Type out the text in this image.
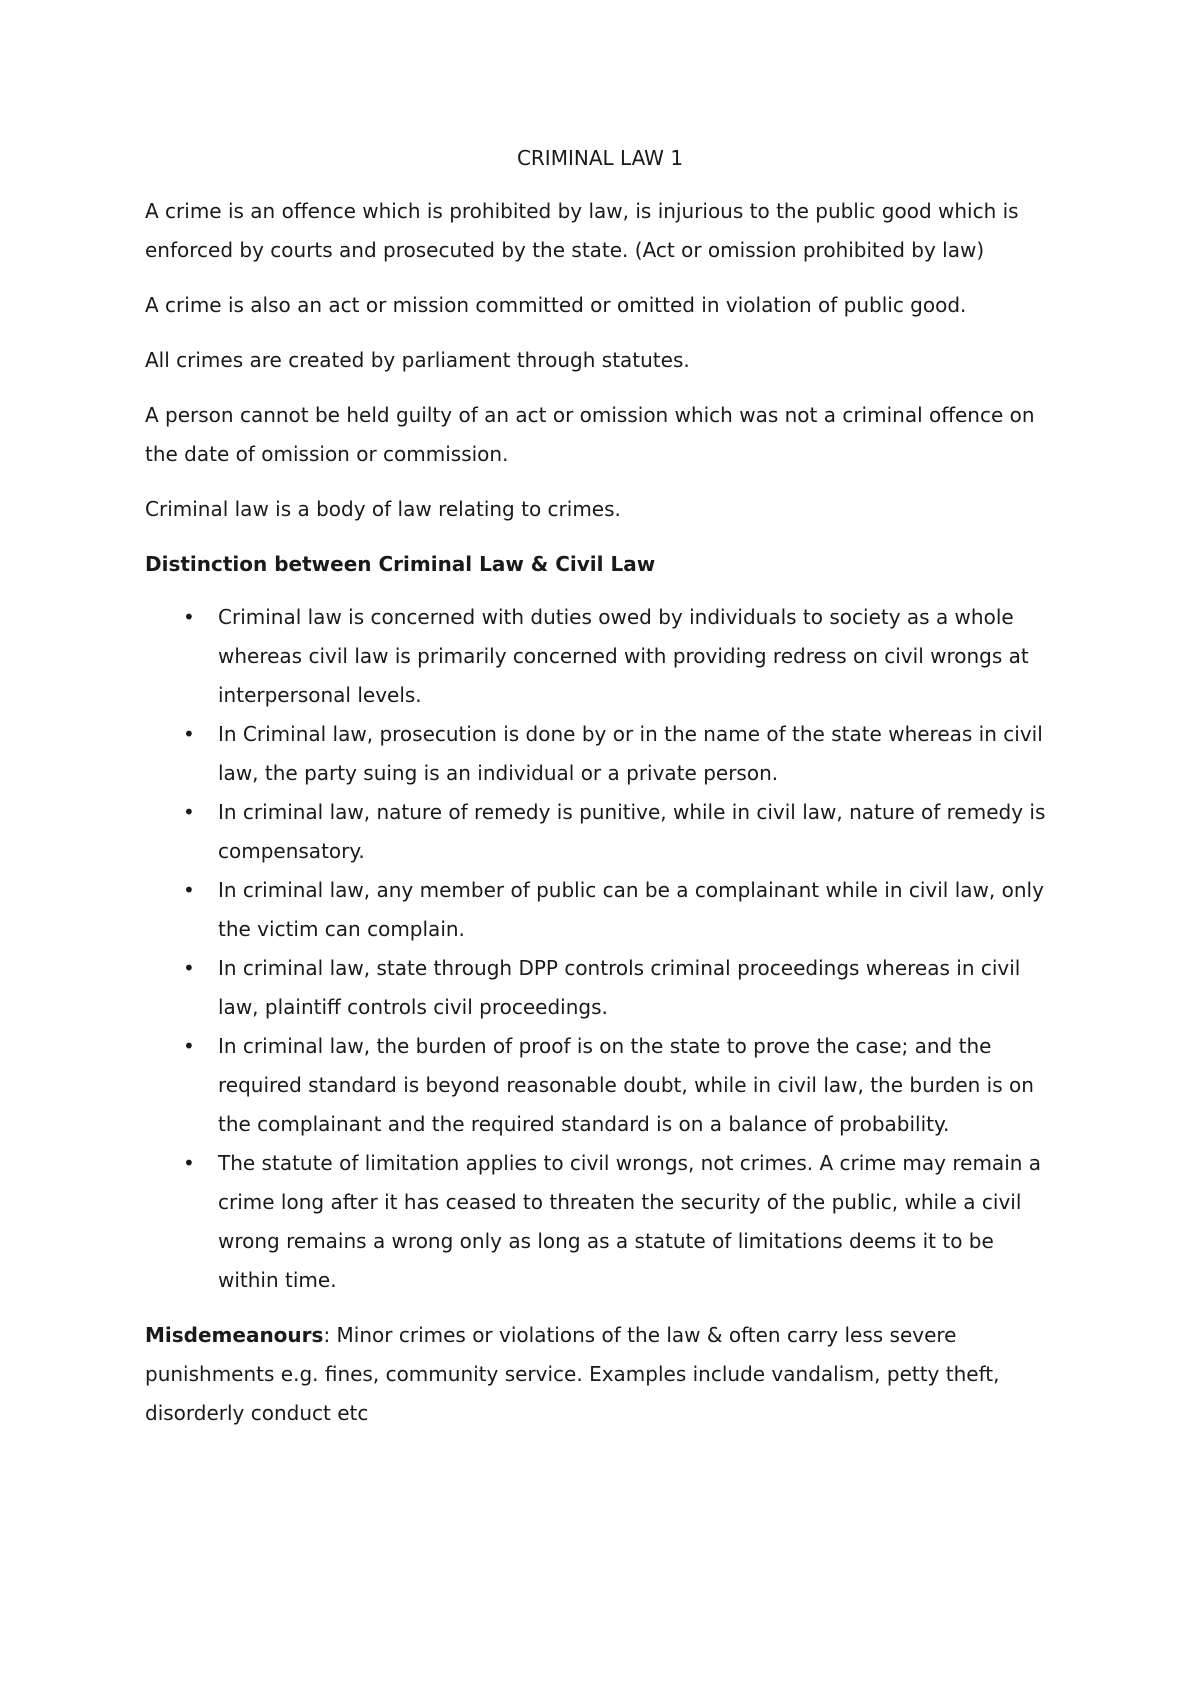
CRIMINAL LAW 1

A crime is an offence which is prohibited by law, is injurious to the public good which is enforced by courts and prosecuted by the state. (Act or omission prohibited by law)

A crime is also an act or mission committed or omitted in violation of public good.

All crimes are created by parliament through statutes.

A person cannot be held guilty of an act or omission which was not a criminal offence on the date of omission or commission.

Criminal law is a body of law relating to crimes.

Distinction between Criminal Law & Civil Law
• Criminal law is concerned with duties owed by individuals to society as a whole whereas civil law is primarily concerned with providing redress on civil wrongs at interpersonal levels.
• In Criminal law, prosecution is done by or in the name of the state whereas in civil law, the party suing is an individual or a private person.
• In criminal law, nature of remedy is punitive, while in civil law, nature of remedy is compensatory.
• In criminal law, any member of public can be a complainant while in civil law, only the victim can complain.
• In criminal law, state through DPP controls criminal proceedings whereas in civil law, plaintiff controls civil proceedings.
• In criminal law, the burden of proof is on the state to prove the case; and the required standard is beyond reasonable doubt, while in civil law, the burden is on the complainant and the required standard is on a balance of probability.
• The statute of limitation applies to civil wrongs, not crimes. A crime may remain a crime long after it has ceased to threaten the security of the public, while a civil wrong remains a wrong only as long as a statute of limitations deems it to be within time.

Misdemeanours: Minor crimes or violations of the law & often carry less severe punishments e.g. fines, community service. Examples include vandalism, petty theft, disorderly conduct etc
